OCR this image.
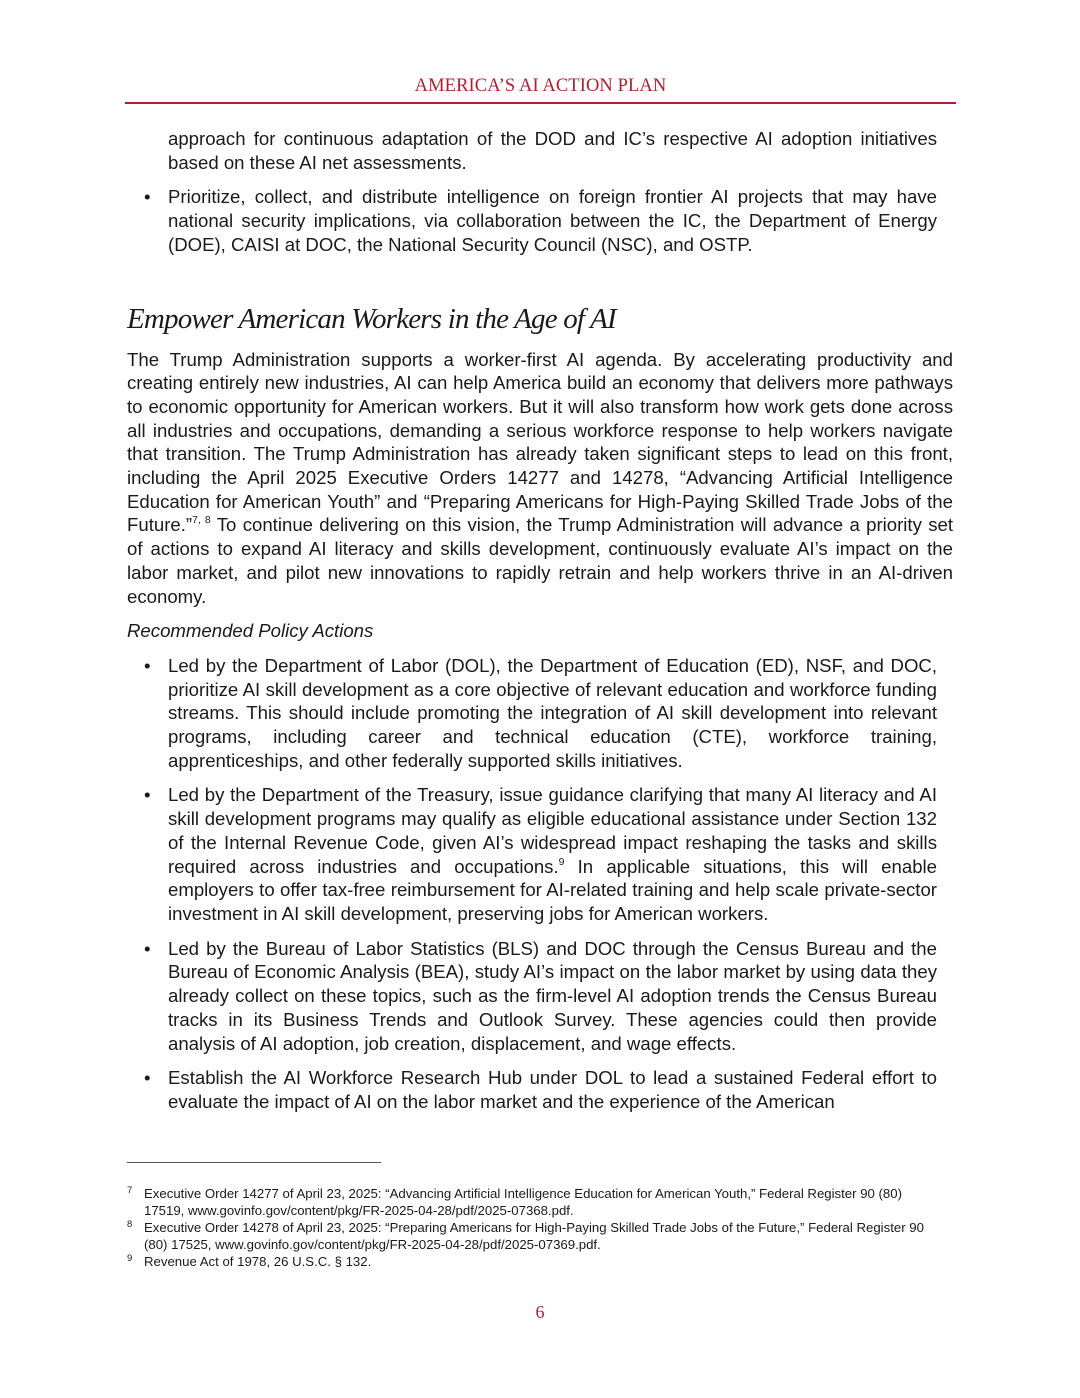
AMERICA’S AI ACTION PLAN

approach for continuous adaptation of the DOD and IC’s respective AI adoption initiatives based on these AI net assessments.

• Prioritize, collect, and distribute intelligence on foreign frontier AI projects that may have national security implications, via collaboration between the IC, the Department of Energy (DOE), CAISI at DOC, the National Security Council (NSC), and OSTP.

Empower American Workers in the Age of AI

The Trump Administration supports a worker-first AI agenda. By accelerating productivity and creating entirely new industries, AI can help America build an economy that delivers more pathways to economic opportunity for American workers. But it will also transform how work gets done across all industries and occupations, demanding a serious workforce response to help workers navigate that transition. The Trump Administration has already taken significant steps to lead on this front, including the April 2025 Executive Orders 14277 and 14278, “Advancing Artificial Intelligence Education for American Youth” and “Preparing Americans for High-Paying Skilled Trade Jobs of the Future.”$^{7, 8}$ To continue delivering on this vision, the Trump Administration will advance a priority set of actions to expand AI literacy and skills development, continuously evaluate AI’s impact on the labor market, and pilot new innovations to rapidly retrain and help workers thrive in an AI-driven economy.

Recommended Policy Actions

• Led by the Department of Labor (DOL), the Department of Education (ED), NSF, and DOC, prioritize AI skill development as a core objective of relevant education and workforce funding streams. This should include promoting the integration of AI skill development into relevant programs, including career and technical education (CTE), workforce training, apprenticeships, and other federally supported skills initiatives.
• Led by the Department of the Treasury, issue guidance clarifying that many AI literacy and AI skill development programs may qualify as eligible educational assistance under Section 132 of the Internal Revenue Code, given AI’s widespread impact reshaping the tasks and skills required across industries and occupations.$^9$ In applicable situations, this will enable employers to offer tax-free reimbursement for AI-related training and help scale private-sector investment in AI skill development, preserving jobs for American workers.
• Led by the Bureau of Labor Statistics (BLS) and DOC through the Census Bureau and the Bureau of Economic Analysis (BEA), study AI’s impact on the labor market by using data they already collect on these topics, such as the firm-level AI adoption trends the Census Bureau tracks in its Business Trends and Outlook Survey. These agencies could then provide analysis of AI adoption, job creation, displacement, and wage effects.
• Establish the AI Workforce Research Hub under DOL to lead a sustained Federal effort to evaluate the impact of AI on the labor market and the experience of the American
7 Executive Order 14277 of April 23, 2025: “Advancing Artificial Intelligence Education for American Youth,” Federal Register 90 (80) 17519, www.govinfo.gov/content/pkg/FR-2025-04-28/pdf/2025-07368.pdf.
8 Executive Order 14278 of April 23, 2025: “Preparing Americans for High-Paying Skilled Trade Jobs of the Future,” Federal Register 90 (80) 17525, www.govinfo.gov/content/pkg/FR-2025-04-28/pdf/2025-07369.pdf.
9 Revenue Act of 1978, 26 U.S.C. § 132.
6
